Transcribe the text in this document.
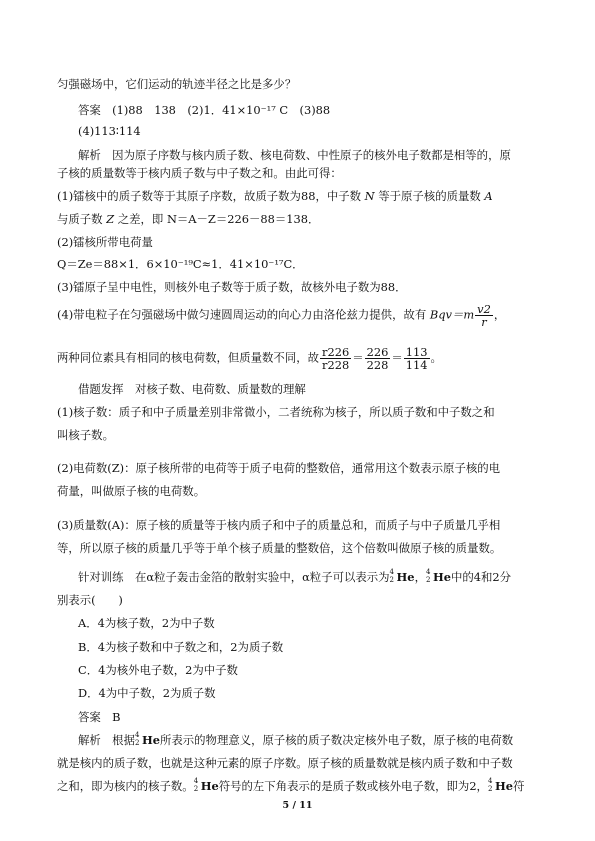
匀强磁场中，它们运动的轨迹半径之比是多少？
答案　(1)88　138　(2)1．41×10⁻¹⁷ C　(3)88
(4)113∶114
解析　因为原子序数与核内质子数、核电荷数、中性原子的核外电子数都是相等的，原
子核的质量数等于核内质子数与中子数之和。由此可得：
(1)镭核中的质子数等于其原子序数，故质子数为88，中子数 N 等于原子核的质量数 A
与质子数 Z 之差，即 N＝A－Z＝226－88＝138．
(2)镭核所带电荷量
Q＝Ze＝88×1．6×10⁻¹⁹C≈1．41×10⁻¹⁷C．
(3)镭原子呈中电性，则核外电子数等于质子数，故核外电子数为88．
(4)带电粒子在匀强磁场中做匀速圆周运动的向心力由洛伦兹力提供，故有 $Bqv=m \frac{v2}{r}$ ，
两种同位素具有相同的核电荷数，但质量数不同，故 $\frac{r226}{r228} = \frac{226}{228} = \frac{113}{114}$ 。
借题发挥　对核子数、电荷数、质量数的理解
(1)核子数：质子和中子质量差别非常微小，二者统称为核子，所以质子数和中子数之和
叫核子数。
(2)电荷数(Z)：原子核所带的电荷等于质子电荷的整数倍，通常用这个数表示原子核的电
荷量，叫做原子核的电荷数。
(3)质量数(A)：原子核的质量等于核内质子和中子的质量总和，而质子与中子质量几乎相
等，所以原子核的质量几乎等于单个核子质量的整数倍，这个倍数叫做原子核的质量数。
针对训练　在α粒子轰击金箔的散射实验中，α粒子可以表示为 4
2 He， 4
2 He中的4和2分
别表示(　　)
A．4为核子数，2为中子数
B．4为核子数和中子数之和，2为质子数
C．4为核外电子数，2为中子数
D．4为中子数，2为质子数
答案　B
解析　根据 4
2 He所表示的物理意义，原子核的质子数决定核外电子数，原子核的电荷数
就是核内的质子数，也就是这种元素的原子序数。原子核的质量数就是核内质子数和中子数
之和，即为核内的核子数。 4
2 He符号的左下角表示的是质子数或核外电子数，即为2， 4
2 He符
5 / 11
